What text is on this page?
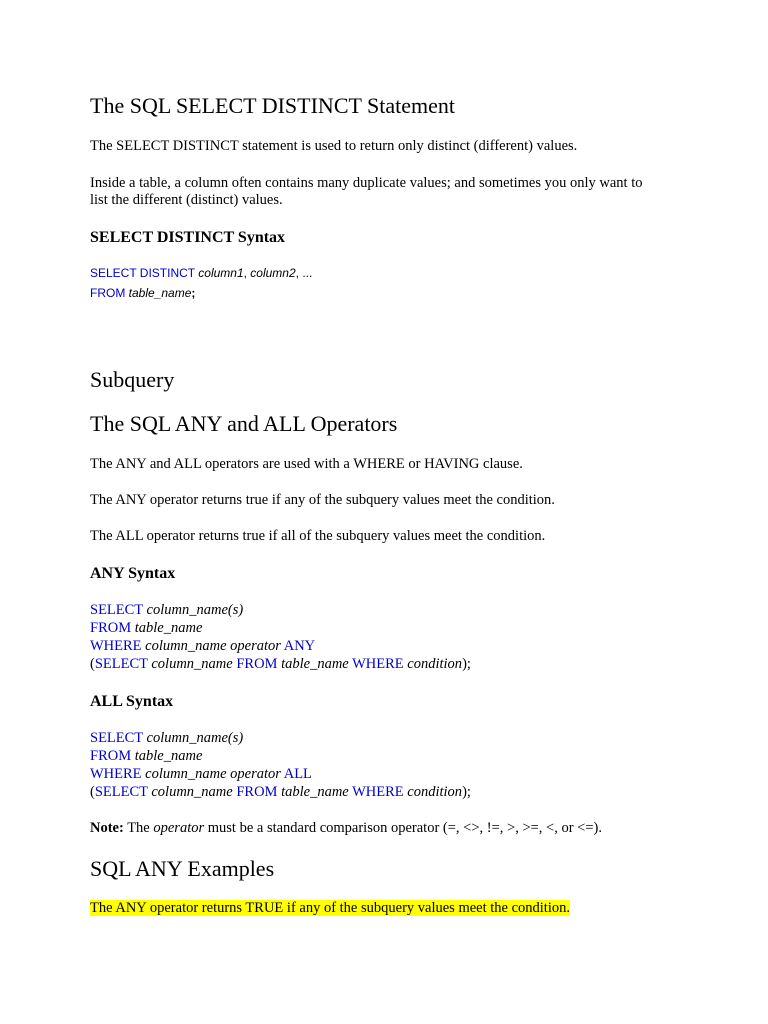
The SQL SELECT DISTINCT Statement
The SELECT DISTINCT statement is used to return only distinct (different) values.
Inside a table, a column often contains many duplicate values; and sometimes you only want to
list the different (distinct) values.
SELECT DISTINCT Syntax
SELECT DISTINCT column1, column2, ...
FROM table_name;
Subquery
The SQL ANY and ALL Operators
The ANY and ALL operators are used with a WHERE or HAVING clause.
The ANY operator returns true if any of the subquery values meet the condition.
The ALL operator returns true if all of the subquery values meet the condition.
ANY Syntax
SELECT column_name(s)
FROM table_name
WHERE column_name operator ANY
(SELECT column_name FROM table_name WHERE condition);
ALL Syntax
SELECT column_name(s)
FROM table_name
WHERE column_name operator ALL
(SELECT column_name FROM table_name WHERE condition);
Note: The operator must be a standard comparison operator (=, <>, !=, >, >=, <, or <=).
SQL ANY Examples
The ANY operator returns TRUE if any of the subquery values meet the condition.
